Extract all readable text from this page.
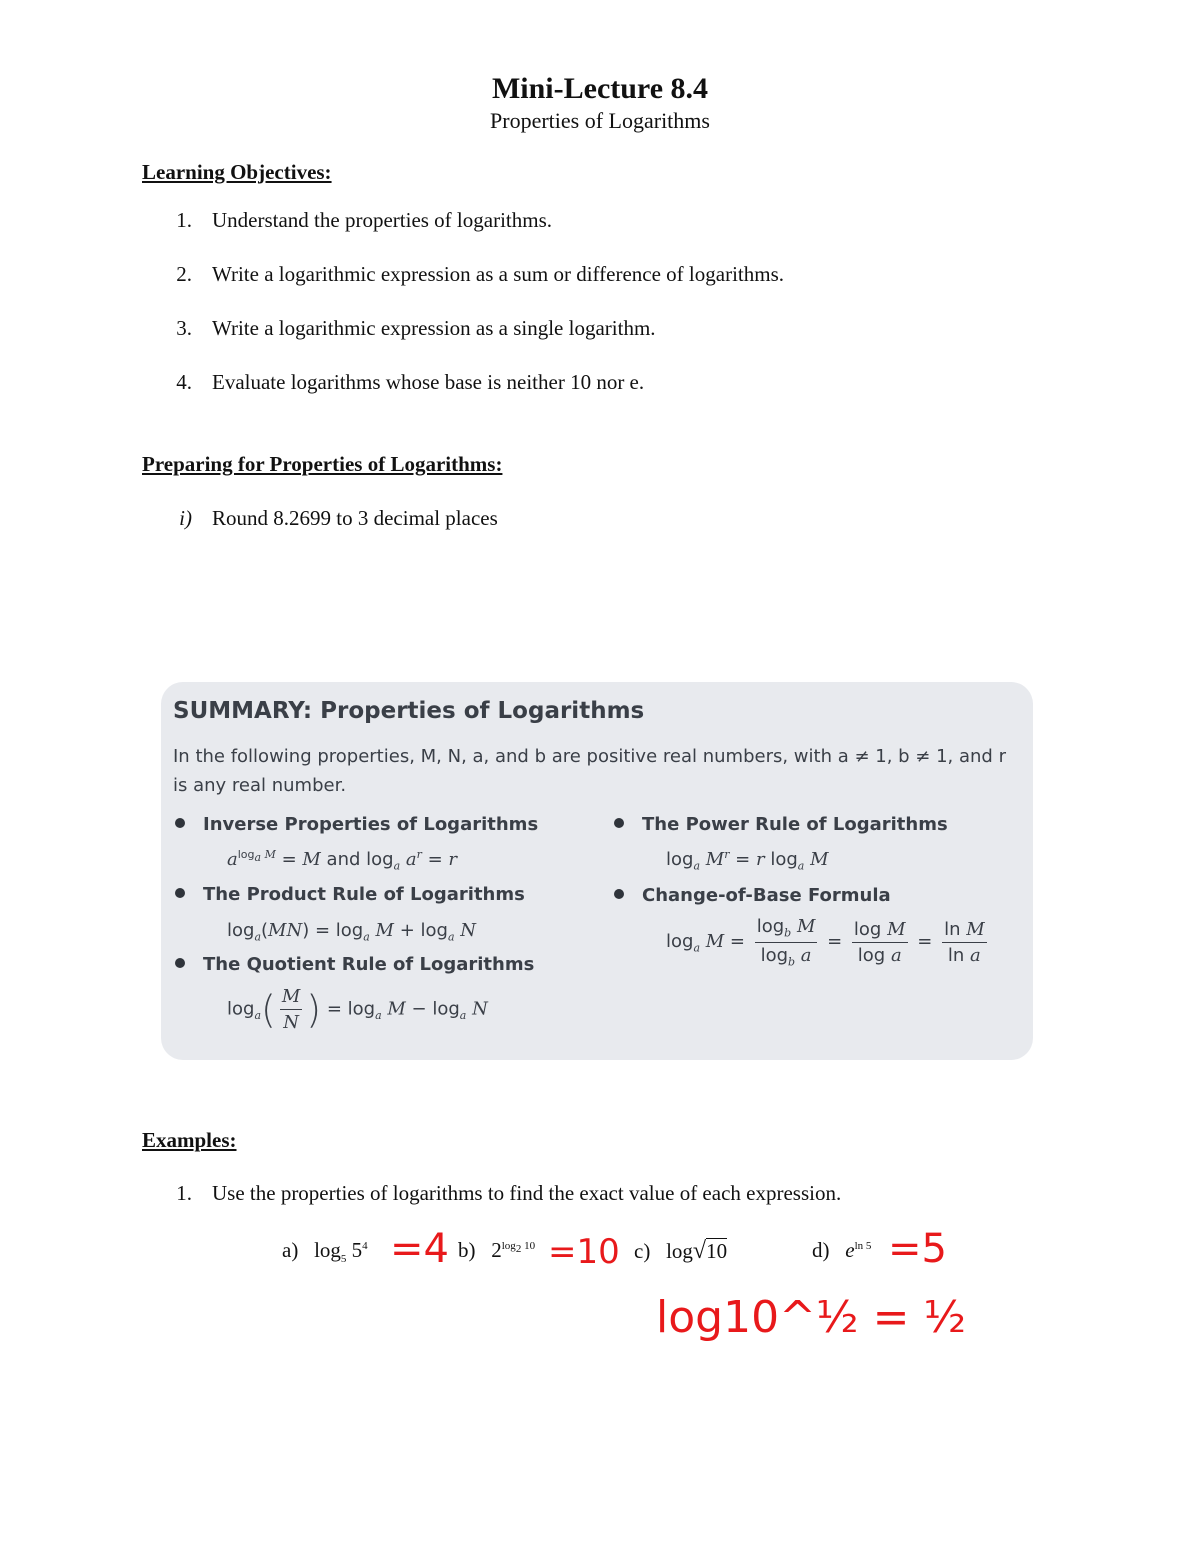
Mini-Lecture 8.4
Properties of Logarithms
Learning Objectives:
1. Understand the properties of logarithms.
2. Write a logarithmic expression as a sum or difference of logarithms.
3. Write a logarithmic expression as a single logarithm.
4. Evaluate logarithms whose base is neither 10 nor e.
Preparing for Properties of Logarithms:
i) Round 8.2699 to 3 decimal places
SUMMARY: Properties of Logarithms
In the following properties, M, N, a, and b are positive real numbers, with a ≠ 1, b ≠ 1, and r is any real number.
Inverse Properties of Logarithms
$a^{log_a M} = M$ and $\log_a a^r = r$
The Product Rule of Logarithms
$\log_a(MN) = \log_a M + \log_a N$
The Quotient Rule of Logarithms
$\log_a( \frac{M}{N}$ ) = $\log_a M - \log_a N$
The Power Rule of Logarithms
$\log_a M^r = r$ $\log_a M$
Change-of-Base Formula
$\log_a M = \frac{\log_b M}{\log_b a} = \frac{\text{log M}}{\text{log a}} = \frac{\text{ln M}}{\text{ln a}}$
Examples:
1. Use the properties of logarithms to find the exact value of each expression.
a)   $\log_5 5^4$	b)   $2^{log_2 10}$	c)   log√10	d) $e^{ln 5}$
=4	=10	=5
log10^½ = ½
